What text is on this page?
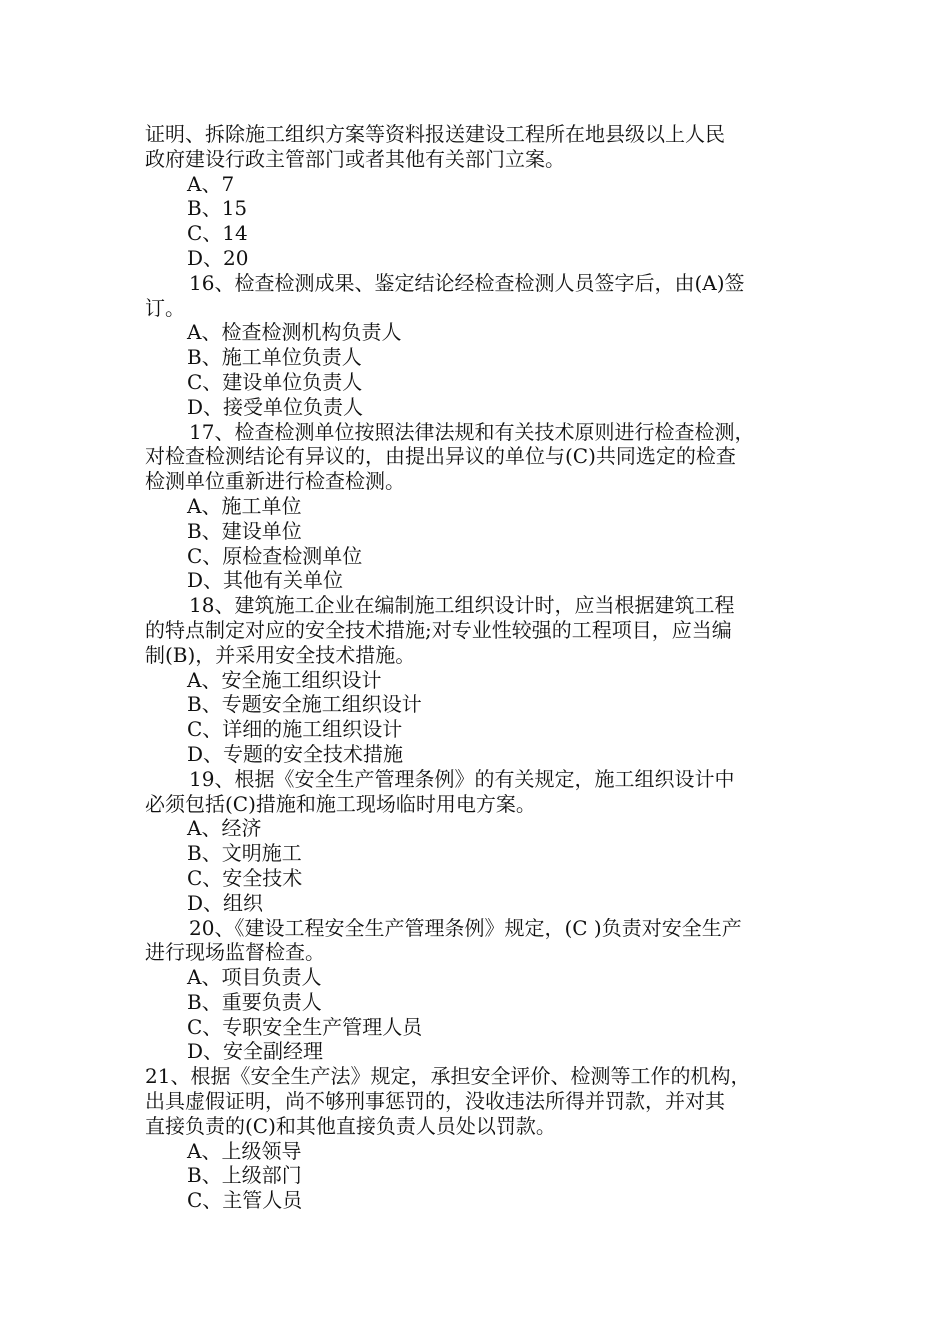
证明、拆除施工组织方案等资料报送建设工程所在地县级以上人民
政府建设行政主管部门或者其他有关部门立案。
A、7
B、15
C、14
D、20
16、检查检测成果、鉴定结论经检查检测人员签字后，由(A)签
订。
A、检查检测机构负责人
B、施工单位负责人
C、建设单位负责人
D、接受单位负责人
17、检查检测单位按照法律法规和有关技术原则进行检查检测，
对检查检测结论有异议的，由提出异议的单位与(C)共同选定的检查
检测单位重新进行检查检测。
A、施工单位
B、建设单位
C、原检查检测单位
D、其他有关单位
18、建筑施工企业在编制施工组织设计时，应当根据建筑工程
的特点制定对应的安全技术措施;对专业性较强的工程项目，应当编
制(B)，并采用安全技术措施。
A、安全施工组织设计
B、专题安全施工组织设计
C、详细的施工组织设计
D、专题的安全技术措施
19、根据《安全生产管理条例》的有关规定，施工组织设计中
必须包括(C)措施和施工现场临时用电方案。
A、经济
B、文明施工
C、安全技术
D、组织
20、《建设工程安全生产管理条例》规定，(C )负责对安全生产
进行现场监督检查。
A、项目负责人
B、重要负责人
C、专职安全生产管理人员
D、安全副经理
21、根据《安全生产法》规定，承担安全评价、检测等工作的机构，
出具虚假证明，尚不够刑事惩罚的，没收违法所得并罚款，并对其
直接负责的(C)和其他直接负责人员处以罚款。
A、上级领导
B、上级部门
C、主管人员
